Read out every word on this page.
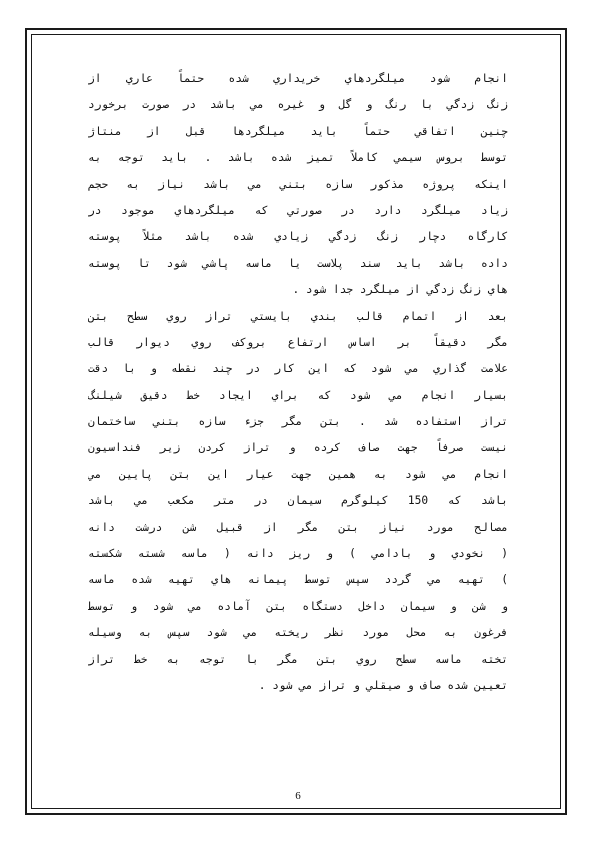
انجام شود ميلگردهاي خريداري شده حتماً عاري از
زنگ زدگي با رنگ و گل و غيره مي باشد در صورت برخورد
چنين اتفاقي حتماً بايد ميلگردها قبل از منتاژ
توسط بروس سيمي كاملاً تميز شده باشد . بايد توجه به
اينكه پروژه مذكور سازه بتني مي باشد نياز به حجم
زياد ميلگرد دارد در صورتي كه ميلگردهاي موجود در
كارگاه دچار زنگ زدگي زيادي شده باشد مثلاً پوسته
داده باشد بايد سند پلاست يا ماسه پاشي شود تا پوسته
هاي زنگ زدگي از ميلگرد جدا شود .
بعد از اتمام قالب بندي بايستي تراز روي سطح بتن
مگر دقيقاً بر اساس ارتفاع بروكف روي ديوار قالب
علامت گذاري مي شود كه اين كار در چند نقطه و با دقت
بسيار انجام مي شود كه براي ايجاد خط دقيق شيلنگ
تراز استفاده شد . بتن مگر جزء سازه بتني ساختمان
نيست صرفاً جهت صاف كرده و تراز كردن زير فنداسيون
انجام مي شود به همين جهت عيار اين بتن پايين مي
باشد كه 150 كيلوگرم سيمان در متر مكعب مي باشد
مصالح مورد نياز بتن مگر از قبيل شن درشت دانه
( نخودي و بادامي ) و ريز دانه ( ماسه شسته شكسته
) تهيه مي گردد سپس توسط پيمانه هاي تهيه شده ماسه
و شن و سيمان داخل دستگاه بتن آماده مي شود و توسط
فرغون به محل مورد نظر ريخته مي شود سپس به وسيله
تخته ماسه سطح روي بتن مگر با توجه به خط تراز
تعيين شده صاف و صيقلي و تراز مي شود .
6
